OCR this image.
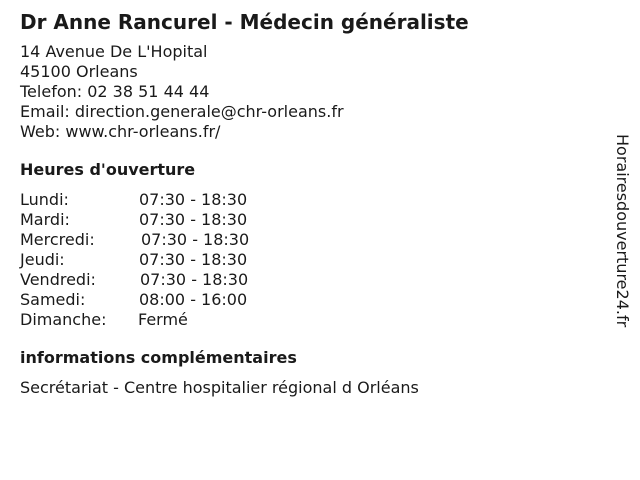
Dr Anne Rancurel - Médecin généraliste
14 Avenue De L'Hopital
45100 Orleans
Telefon: 02 38 51 44 44
Email: direction.generale@chr-orleans.fr
Web: www.chr-orleans.fr/
Heures d'ouverture
Lundi:	07:30 - 18:30
Mardi:	07:30 - 18:30
Mercredi:	07:30 - 18:30
Jeudi:	07:30 - 18:30
Vendredi:	07:30 - 18:30
Samedi:	08:00 - 16:00
Dimanche: Fermé
informations complémentaires
Secrétariat - Centre hospitalier régional d Orléans
Horairesdouverture24.fr
